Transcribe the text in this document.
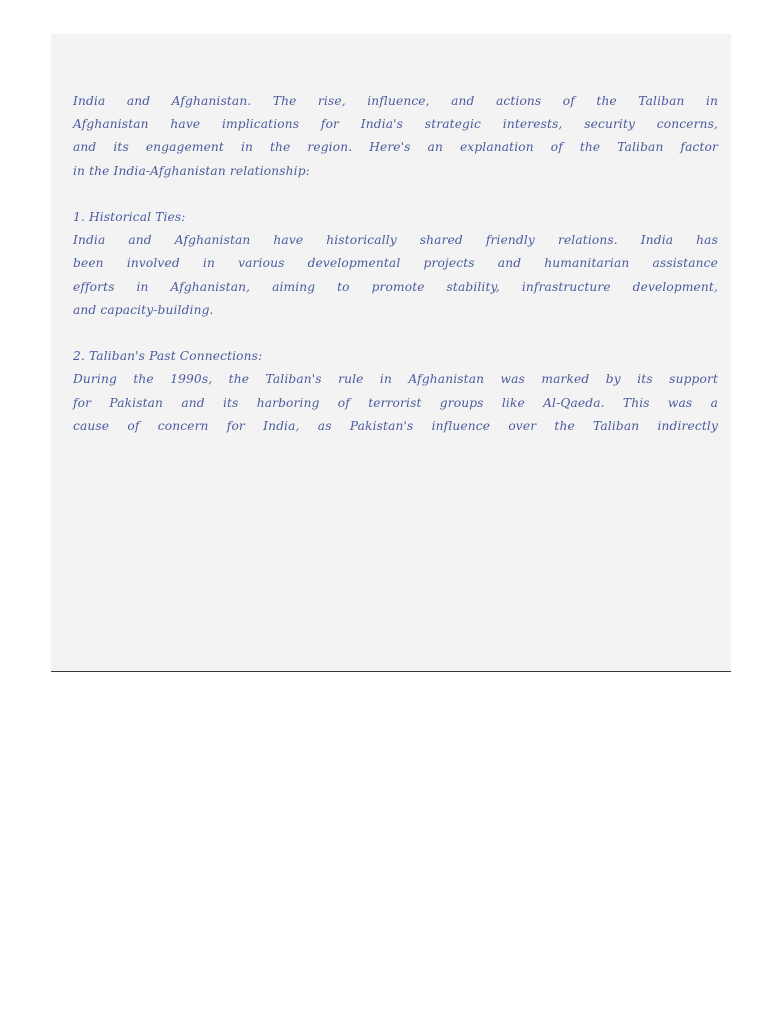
India and Afghanistan. The rise, influence, and actions of the Taliban in
Afghanistan have implications for India's strategic interests, security concerns,
and its engagement in the region. Here's an explanation of the Taliban factor
in the India-Afghanistan relationship:
1. Historical Ties:
India and Afghanistan have historically shared friendly relations. India has
been involved in various developmental projects and humanitarian assistance
efforts in Afghanistan, aiming to promote stability, infrastructure development,
and capacity-building.
2. Taliban's Past Connections:
During the 1990s, the Taliban's rule in Afghanistan was marked by its support
for Pakistan and its harboring of terrorist groups like Al-Qaeda. This was a
cause of concern for India, as Pakistan's influence over the Taliban indirectly
